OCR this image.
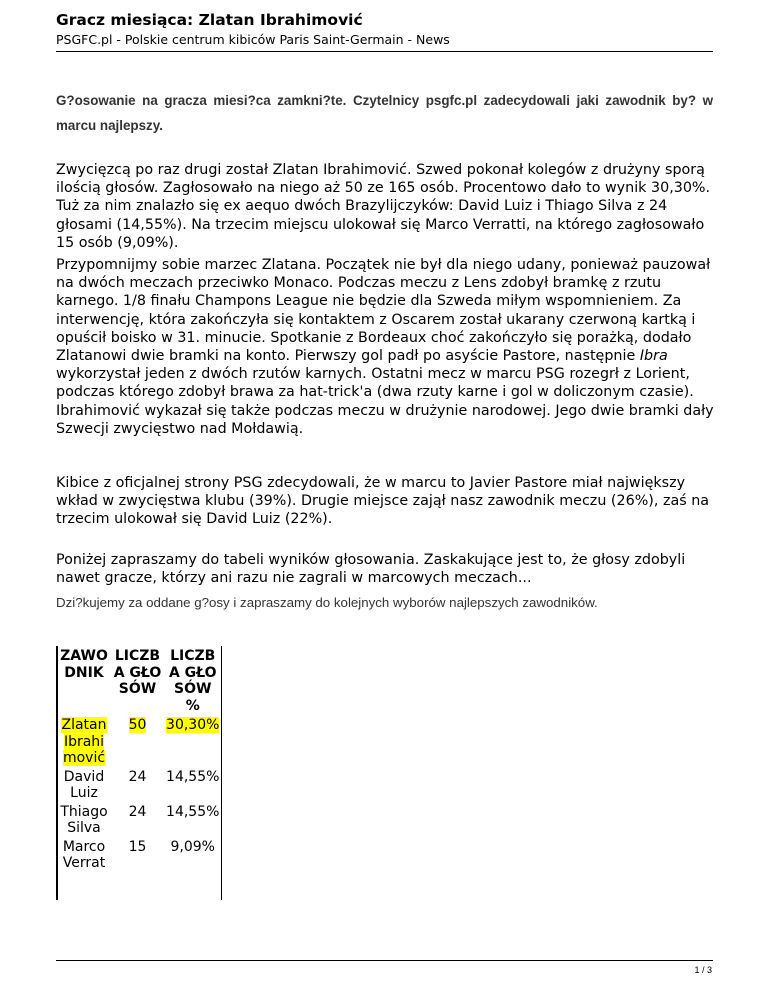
Gracz miesiąca: Zlatan Ibrahimović
PSGFC.pl - Polskie centrum kibiców Paris Saint-Germain - News
G?osowanie na gracza miesi?ca zamkni?te. Czytelnicy psgfc.pl zadecydowali jaki zawodnik by? w marcu najlepszy.
Zwycięzcą po raz drugi został Zlatan Ibrahimović. Szwed pokonał kolegów z drużyny sporą ilością głosów. Zagłosowało na niego aż 50 ze 165 osób. Procentowo dało to wynik 30,30%. Tuż za nim znalazło się ex aequo dwóch Brazylijczyków: David Luiz i Thiago Silva z 24 głosami (14,55%). Na trzecim miejscu ulokował się Marco Verratti, na którego zagłosowało 15 osób (9,09%).
Przypomnijmy sobie marzec Zlatana. Początek nie był dla niego udany, ponieważ pauzował na dwóch meczach przeciwko Monaco. Podczas meczu z Lens zdobył bramkę z rzutu karnego. 1/8 finału Champons League nie będzie dla Szweda miłym wspomnieniem. Za interwencję, która zakończyła się kontaktem z Oscarem został ukarany czerwoną kartką i opuścił boisko w 31. minucie. Spotkanie z Bordeaux choć zakończyło się porażką, dodało Zlatanowi dwie bramki na konto. Pierwszy gol padł po asyście Pastore, następnie Ibra wykorzystał jeden z dwóch rzutów karnych. Ostatni mecz w marcu PSG rozegrł z Lorient, podczas którego zdobył brawa za hat-trick'a (dwa rzuty karne i gol w doliczonym czasie). Ibrahimović wykazał się także podczas meczu w drużynie narodowej. Jego dwie bramki dały Szwecji zwycięstwo nad Mołdawią.
Kibice z oficjalnej strony PSG zdecydowali, że w marcu to Javier Pastore miał największy wkład w zwycięstwa klubu (39%). Drugie miejsce zajął nasz zawodnik meczu (26%), zaś na trzecim ulokował się David Luiz (22%).
Poniżej zapraszamy do tabeli wyników głosowania. Zaskakujące jest to, że głosy zdobyli nawet gracze, którzy ani razu nie zagrali w marcowych meczach...
Dzi?kujemy za oddane g?osy i zapraszamy do kolejnych wyborów najlepszych zawodników.
ZAWODNIK	LICZBA GŁOSÓW	LICZBA GŁOSÓW %
Zlatan Ibrahimović	50	30,30%
David Luiz	24	14,55%
Thiago Silva	24	14,55%
Marco Verrat	15	9,09%

1 / 3
